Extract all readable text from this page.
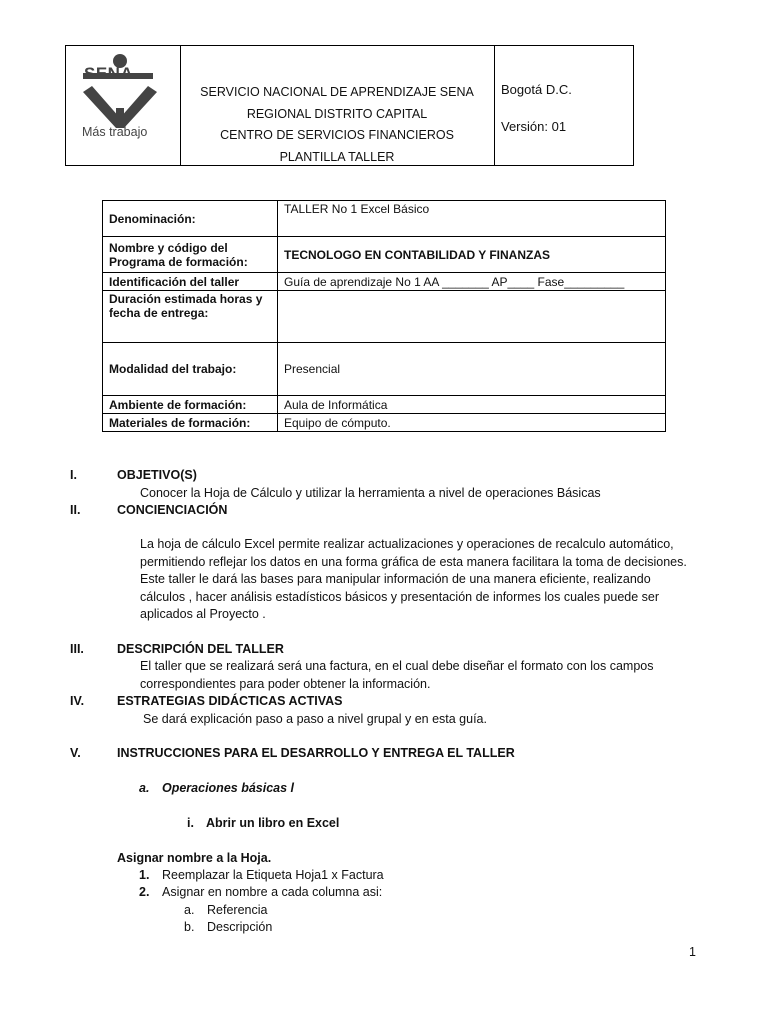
SENA
Más trabajo
SERVICIO NACIONAL DE APRENDIZAJE SENA
REGIONAL DISTRITO CAPITAL
CENTRO DE SERVICIOS FINANCIEROS
PLANTILLA TALLER
Bogotá D.C.
Versión: 01
Denominación:	TALLER No 1 Excel Básico
Nombre y código del Programa de formación:	TECNOLOGO EN CONTABILIDAD Y FINANZAS
Identificación del taller	Guía de aprendizaje No 1 AA _______ AP____ Fase_________
Duración estimada horas y fecha de entrega:	
Modalidad del trabajo:	Presencial
Ambiente de formación:	Aula de Informática
Materiales de formación:	Equipo de cómputo.
I.	OBJETIVO(S)
Conocer la Hoja de Cálculo y utilizar la herramienta a nivel de operaciones Básicas
II.	CONCIENCIACIÓN
La hoja de cálculo Excel permite realizar actualizaciones y operaciones de recalculo automático,
permitiendo reflejar los datos en una forma gráfica de esta manera facilitara la toma de decisiones.
Este taller le dará las bases para manipular información de una manera eficiente, realizando
cálculos , hacer análisis estadísticos básicos y presentación de informes los cuales puede ser
aplicados al Proyecto .
III.	DESCRIPCIÓN DEL TALLER
El taller que se realizará será una factura, en el cual debe diseñar el formato con los campos
correspondientes para poder obtener la información.
IV.	ESTRATEGIAS DIDÁCTICAS ACTIVAS
Se dará explicación paso a paso a nivel grupal y en esta guía.
V.	INSTRUCCIONES PARA EL DESARROLLO Y ENTREGA EL TALLER
a. Operaciones básicas l
i. Abrir un libro en Excel
Asignar nombre a la Hoja.
1. Reemplazar la Etiqueta Hoja1 x Factura
2. Asignar en nombre a cada columna asi:
a. Referencia
b. Descripción
1
